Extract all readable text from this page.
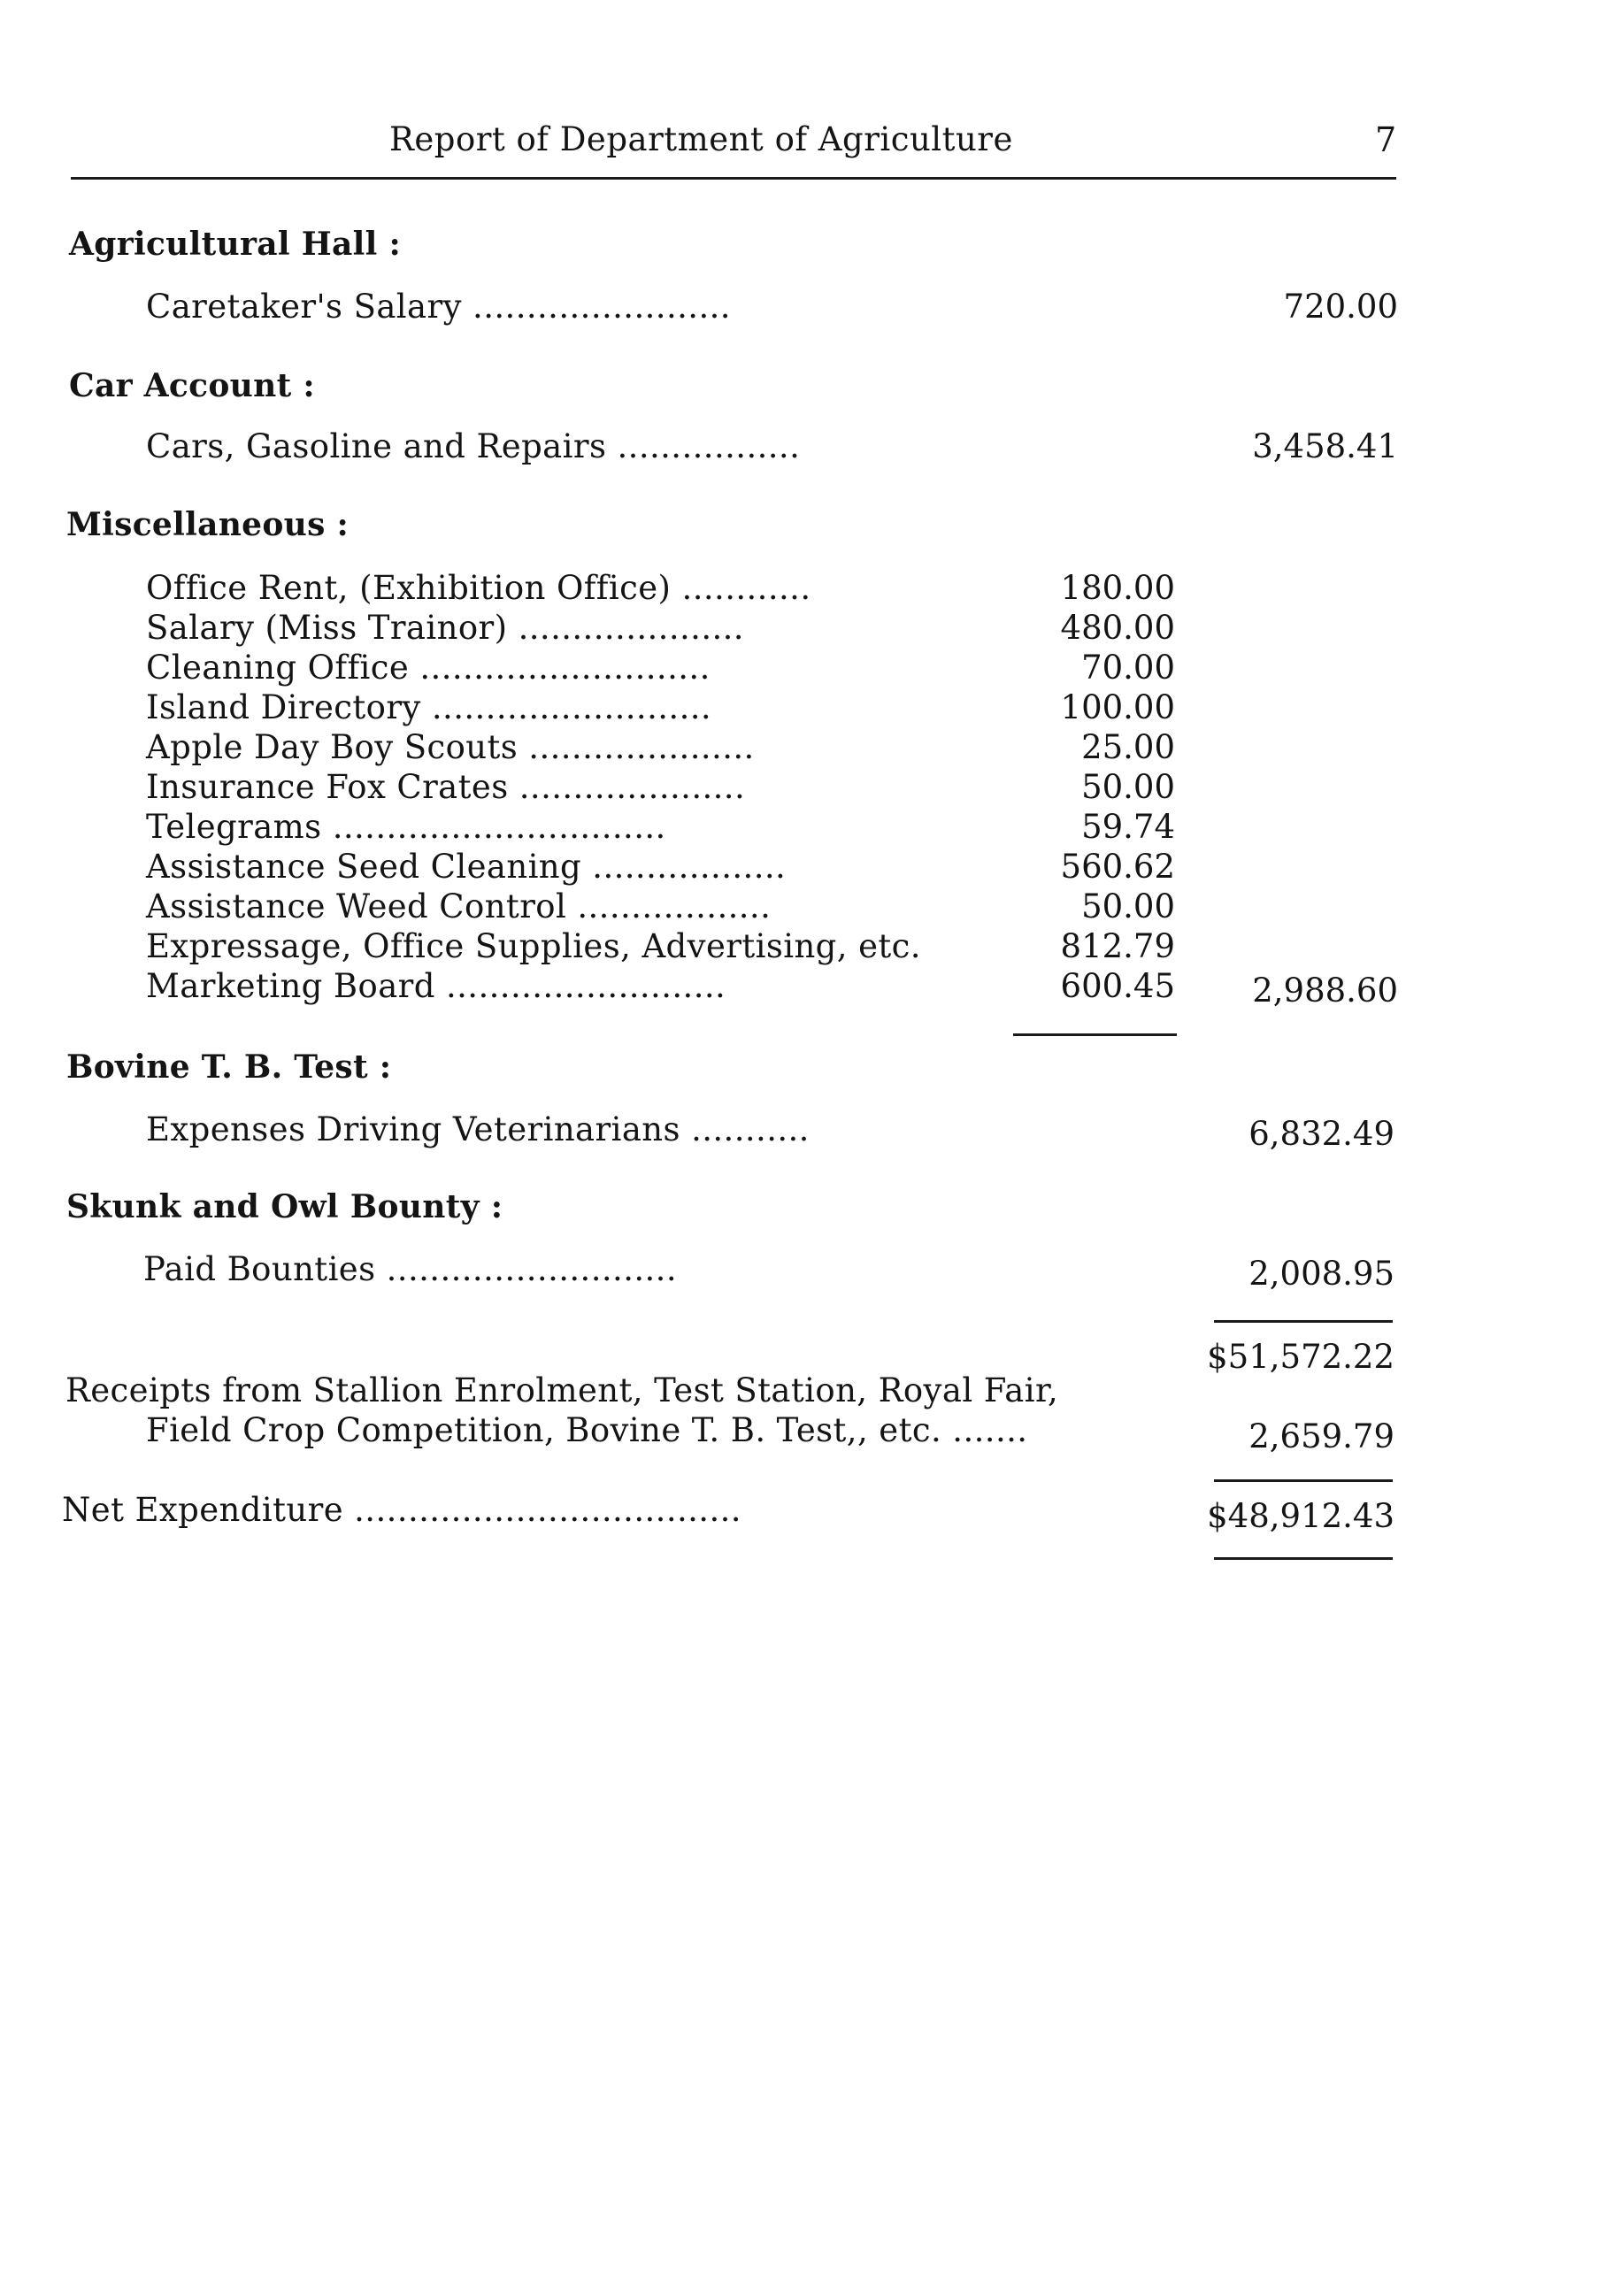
Report of Department of Agriculture	7
Agricultural Hall :
Caretaker's Salary ........................	720.00
Car Account :
Cars, Gasoline and Repairs .................	3,458.41
Miscellaneous :
Office Rent, (Exhibition Office) ............	180.00
Salary (Miss Trainor) .....................	480.00
Cleaning Office ...........................	70.00
Island Directory ..........................	100.00
Apple Day Boy Scouts .....................	25.00
Insurance Fox Crates .....................	50.00
Telegrams ...............................	59.74
Assistance Seed Cleaning ..................	560.62
Assistance Weed Control ..................	50.00
Expressage, Office Supplies, Advertising, etc.	812.79
Marketing Board ..........................	600.45	2,988.60
Bovine T. B. Test :
Expenses Driving Veterinarians ...........	6,832.49
Skunk and Owl Bounty :
Paid Bounties ...........................	2,008.95
$51,572.22
Receipts from Stallion Enrolment, Test Station, Royal Fair,
Field Crop Competition, Bovine T. B. Test,, etc. .......	2,659.79
Net Expenditure ....................................	$48,912.43
